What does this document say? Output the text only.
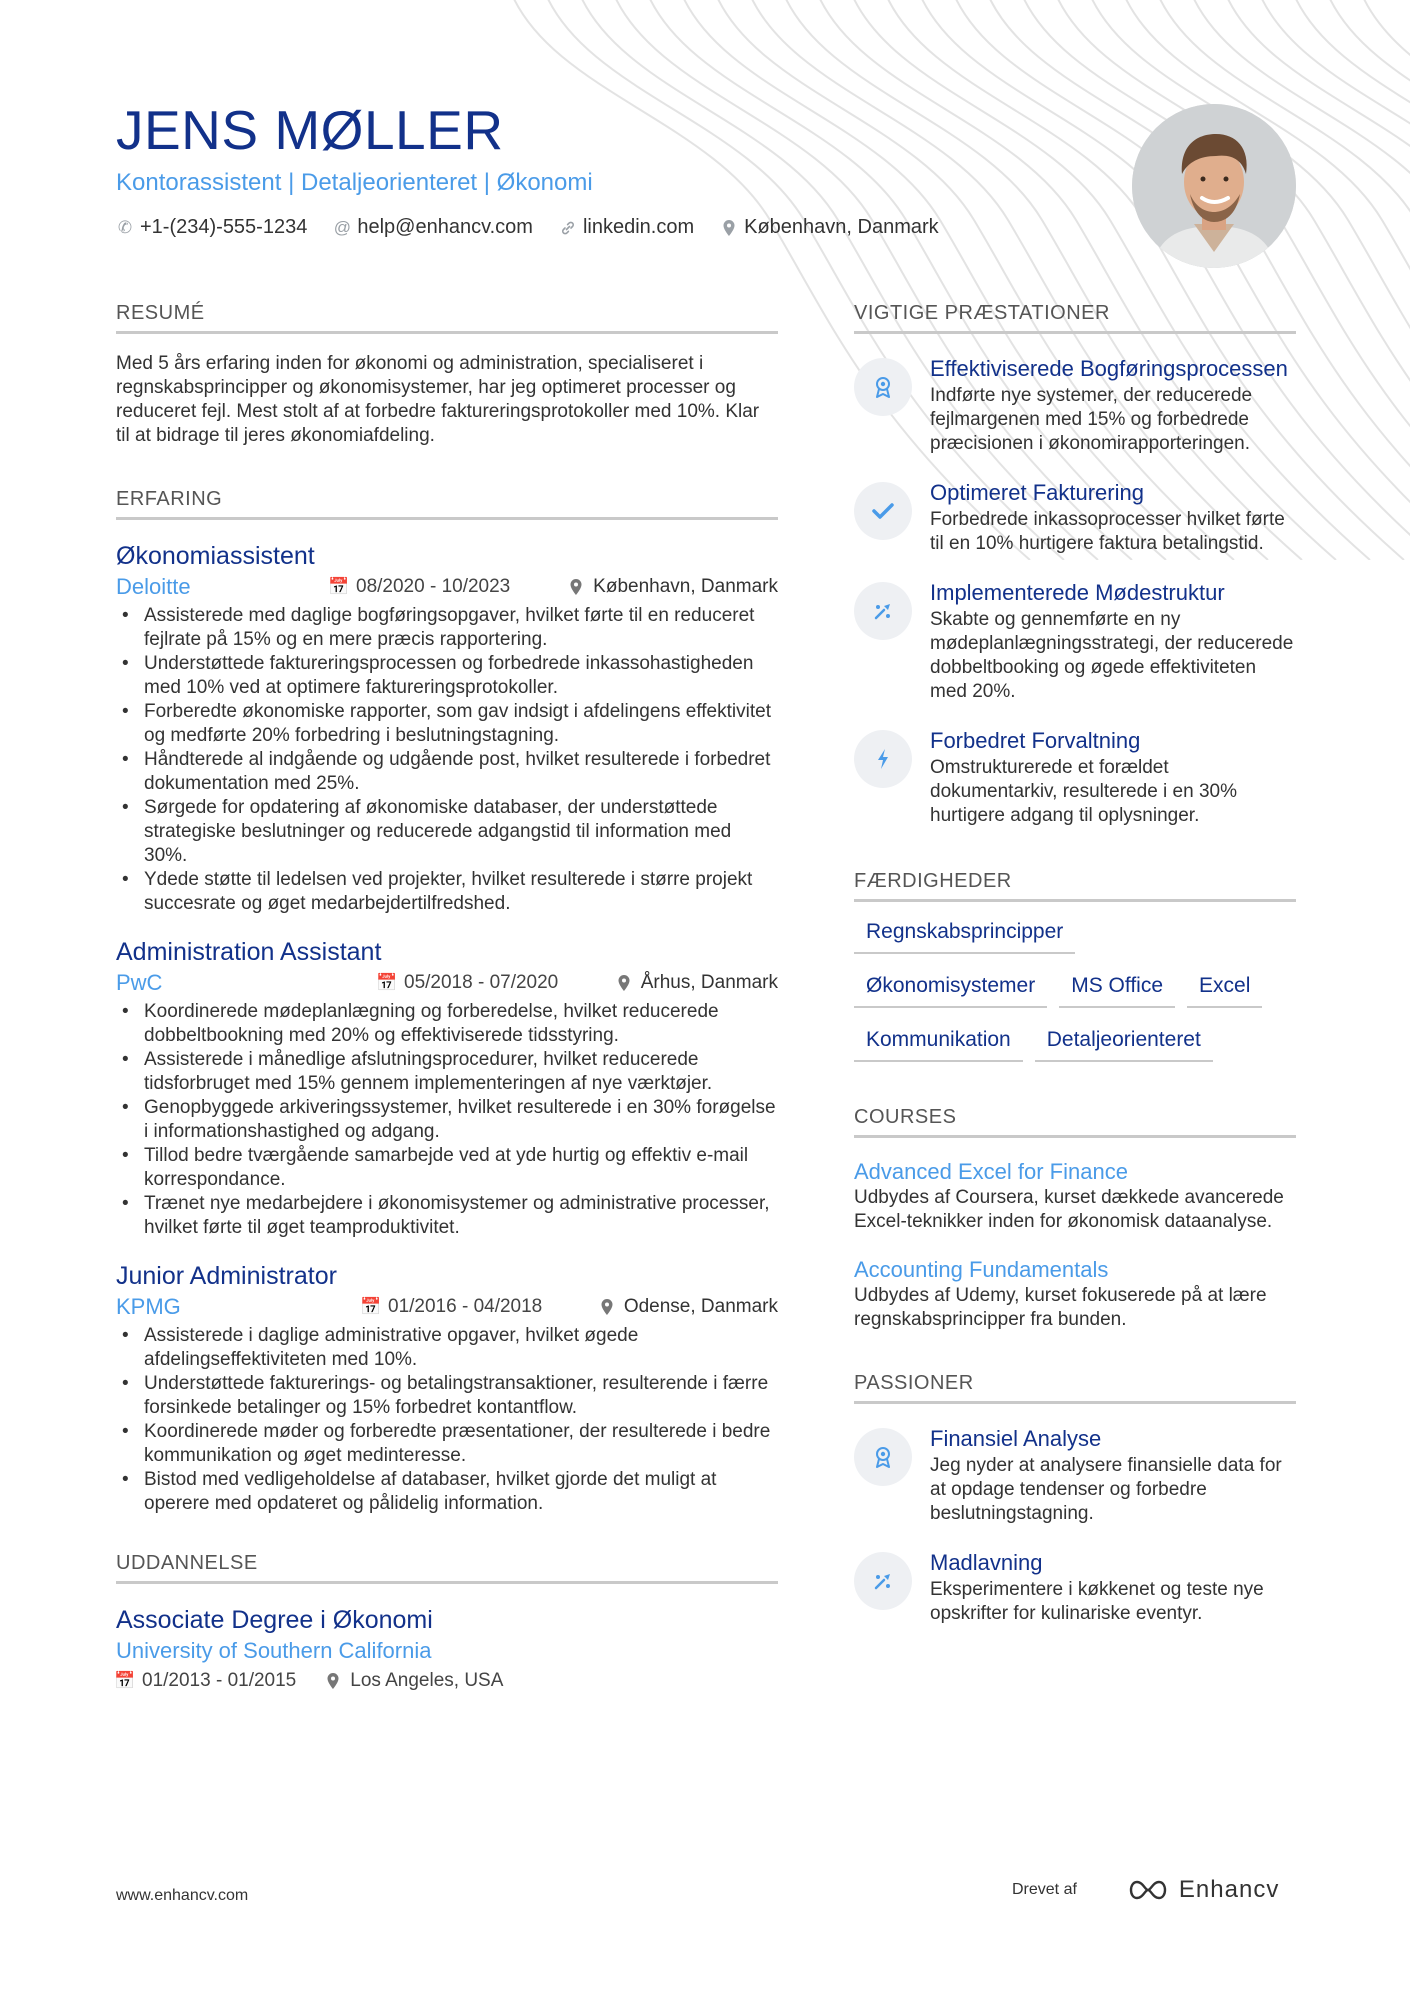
JENS MØLLER
Kontorassistent | Detaljeorienteret | Økonomi
✆ +1-(234)-555-1234 @ help@enhancv.com	linkedin.com	København, Danmark
RESUMÉ
Med 5 års erfaring inden for økonomi og administration, specialiseret i regnskabsprincipper og økonomisystemer, har jeg optimeret processer og reduceret fejl. Mest stolt af at forbedre faktureringsprotokoller med 10%. Klar til at bidrage til jeres økonomiafdeling.
ERFARING
Økonomiassistent
Deloitte	📅 08/2020 - 10/2023	København, Danmark
• Assisterede med daglige bogføringsopgaver, hvilket førte til en reduceret fejlrate på 15% og en mere præcis rapportering.
• Understøttede faktureringsprocessen og forbedrede inkassohastigheden med 10% ved at optimere faktureringsprotokoller.
• Forberedte økonomiske rapporter, som gav indsigt i afdelingens effektivitet og medførte 20% forbedring i beslutningstagning.
• Håndterede al indgående og udgående post, hvilket resulterede i forbedret dokumentation med 25%.
• Sørgede for opdatering af økonomiske databaser, der understøttede strategiske beslutninger og reducerede adgangstid til information med 30%.
• Ydede støtte til ledelsen ved projekter, hvilket resulterede i større projekt succesrate og øget medarbejdertilfredshed.
Administration Assistant
PwC	📅 05/2018 - 07/2020	Århus, Danmark
• Koordinerede mødeplanlægning og forberedelse, hvilket reducerede dobbeltbookning med 20% og effektiviserede tidsstyring.
• Assisterede i månedlige afslutningsprocedurer, hvilket reducerede tidsforbruget med 15% gennem implementeringen af nye værktøjer.
• Genopbyggede arkiveringssystemer, hvilket resulterede i en 30% forøgelse i informationshastighed og adgang.
• Tillod bedre tværgående samarbejde ved at yde hurtig og effektiv e-mail korrespondance.
• Trænet nye medarbejdere i økonomisystemer og administrative processer, hvilket førte til øget teamproduktivitet.
Junior Administrator
KPMG	📅 01/2016 - 04/2018	Odense, Danmark
• Assisterede i daglige administrative opgaver, hvilket øgede afdelingseffektiviteten med 10%.
• Understøttede fakturerings- og betalingstransaktioner, resulterende i færre forsinkede betalinger og 15% forbedret kontantflow.
• Koordinerede møder og forberedte præsentationer, der resulterede i bedre kommunikation og øget medinteresse.
• Bistod med vedligeholdelse af databaser, hvilket gjorde det muligt at operere med opdateret og pålidelig information.
UDDANNELSE
Associate Degree i Økonomi
University of Southern California
📅 01/2013 - 01/2015	Los Angeles, USA
VIGTIGE PRÆSTATIONER
Effektiviserede Bogføringsprocessen
Indførte nye systemer, der reducerede fejlmargenen med 15% og forbedrede præcisionen i økonomirapporteringen.
Optimeret Fakturering
Forbedrede inkassoprocesser hvilket førte til en 10% hurtigere faktura betalingstid.
Implementerede Mødestruktur
Skabte og gennemførte en ny mødeplanlægningsstrategi, der reducerede dobbeltbooking og øgede effektiviteten med 20%.
Forbedret Forvaltning
Omstrukturerede et forældet dokumentarkiv, resulterede i en 30% hurtigere adgang til oplysninger.
FÆRDIGHEDER
Regnskabsprincipper
Økonomisystemer	MS Office	Excel
Kommunikation	Detaljeorienteret
COURSES
Advanced Excel for Finance
Udbydes af Coursera, kurset dækkede avancerede Excel-teknikker inden for økonomisk dataanalyse.
Accounting Fundamentals
Udbydes af Udemy, kurset fokuserede på at lære regnskabsprincipper fra bunden.
PASSIONER
Finansiel Analyse
Jeg nyder at analysere finansielle data for at opdage tendenser og forbedre beslutningstagning.
Madlavning
Eksperimentere i køkkenet og teste nye opskrifter for kulinariske eventyr.
www.enhancv.com	Drevet af	Enhancv
